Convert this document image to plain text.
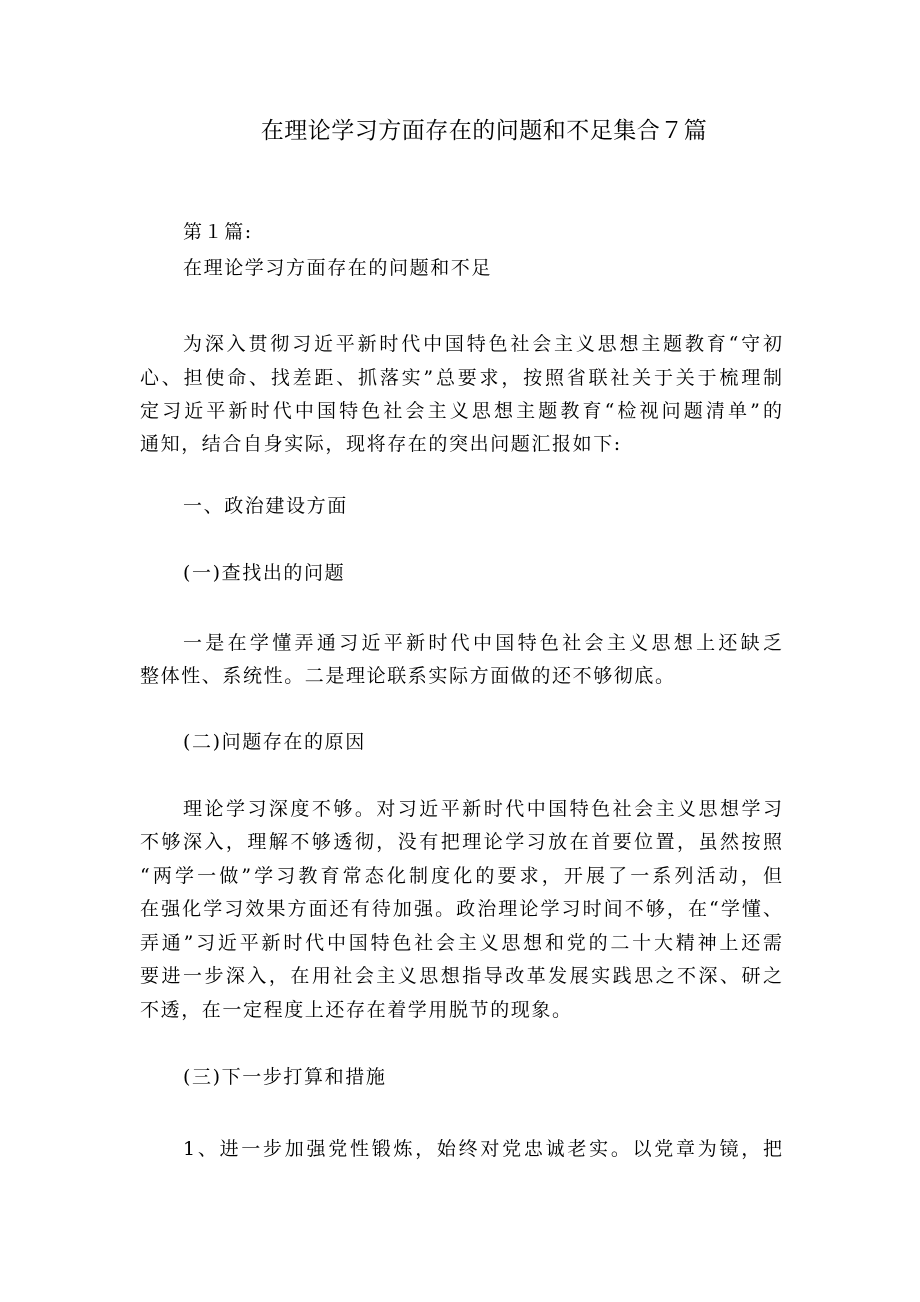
在理论学习方面存在的问题和不足集合７篇
第１篇:
在理论学习方面存在的问题和不足
为深入贯彻习近平新时代中国特色社会主义思想主题教育“守初
心、担使命、找差距、抓落实”总要求，按照省联社关于关于梳理制
定习近平新时代中国特色社会主义思想主题教育“检视问题清单”的
通知，结合自身实际，现将存在的突出问题汇报如下:
一、政治建设方面
(一)查找出的问题
一是在学懂弄通习近平新时代中国特色社会主义思想上还缺乏
整体性、系统性。二是理论联系实际方面做的还不够彻底。
(二)问题存在的原因
理论学习深度不够。对习近平新时代中国特色社会主义思想学习
不够深入，理解不够透彻，没有把理论学习放在首要位置，虽然按照
“两学一做”学习教育常态化制度化的要求，开展了一系列活动，但
在强化学习效果方面还有待加强。政治理论学习时间不够，在“学懂、
弄通”习近平新时代中国特色社会主义思想和党的二十大精神上还需
要进一步深入，在用社会主义思想指导改革发展实践思之不深、研之
不透，在一定程度上还存在着学用脱节的现象。
(三)下一步打算和措施
1、进一步加强党性锻炼，始终对党忠诚老实。以党章为镜，把
